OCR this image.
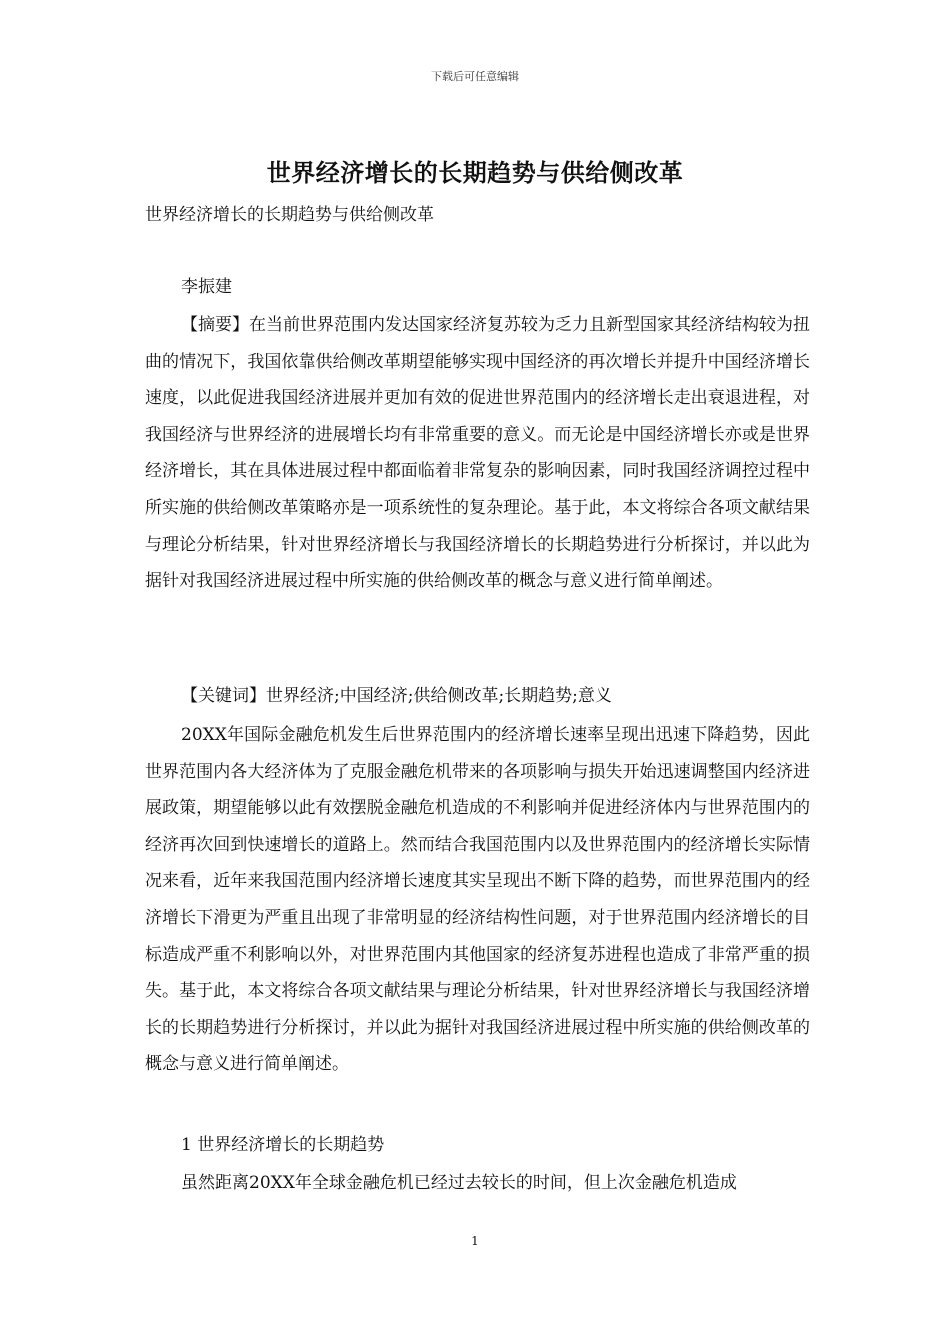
下载后可任意编辑
世界经济增长的长期趋势与供给侧改革
世界经济增长的长期趋势与供给侧改革
李振建

【摘要】在当前世界范围内发达国家经济复苏较为乏力且新型国家其经济结构较为扭曲的情况下，我国依靠供给侧改革期望能够实现中国经济的再次增长并提升中国经济增长速度，以此促进我国经济进展并更加有效的促进世界范围内的经济增长走出衰退进程，对我国经济与世界经济的进展增长均有非常重要的意义。而无论是中国经济增长亦或是世界经济增长，其在具体进展过程中都面临着非常复杂的影响因素，同时我国经济调控过程中所实施的供给侧改革策略亦是一项系统性的复杂理论。基于此，本文将综合各项文献结果与理论分析结果，针对世界经济增长与我国经济增长的长期趋势进行分析探讨，并以此为据针对我国经济进展过程中所实施的供给侧改革的概念与意义进行简单阐述。

【关键词】世界经济;中国经济;供给侧改革;长期趋势;意义

20XX年国际金融危机发生后世界范围内的经济增长速率呈现出迅速下降趋势，因此世界范围内各大经济体为了克服金融危机带来的各项影响与损失开始迅速调整国内经济进展政策，期望能够以此有效摆脱金融危机造成的不利影响并促进经济体内与世界范围内的经济再次回到快速增长的道路上。然而结合我国范围内以及世界范围内的经济增长实际情况来看，近年来我国范围内经济增长速度其实呈现出不断下降的趋势，而世界范围内的经济增长下滑更为严重且出现了非常明显的经济结构性问题，对于世界范围内经济增长的目标造成严重不利影响以外，对世界范围内其他国家的经济复苏进程也造成了非常严重的损失。基于此，本文将综合各项文献结果与理论分析结果，针对世界经济增长与我国经济增长的长期趋势进行分析探讨，并以此为据针对我国经济进展过程中所实施的供给侧改革的概念与意义进行简单阐述。

1 世界经济增长的长期趋势

虽然距离20XX年全球金融危机已经过去较长的时间，但上次金融危机造成

1
